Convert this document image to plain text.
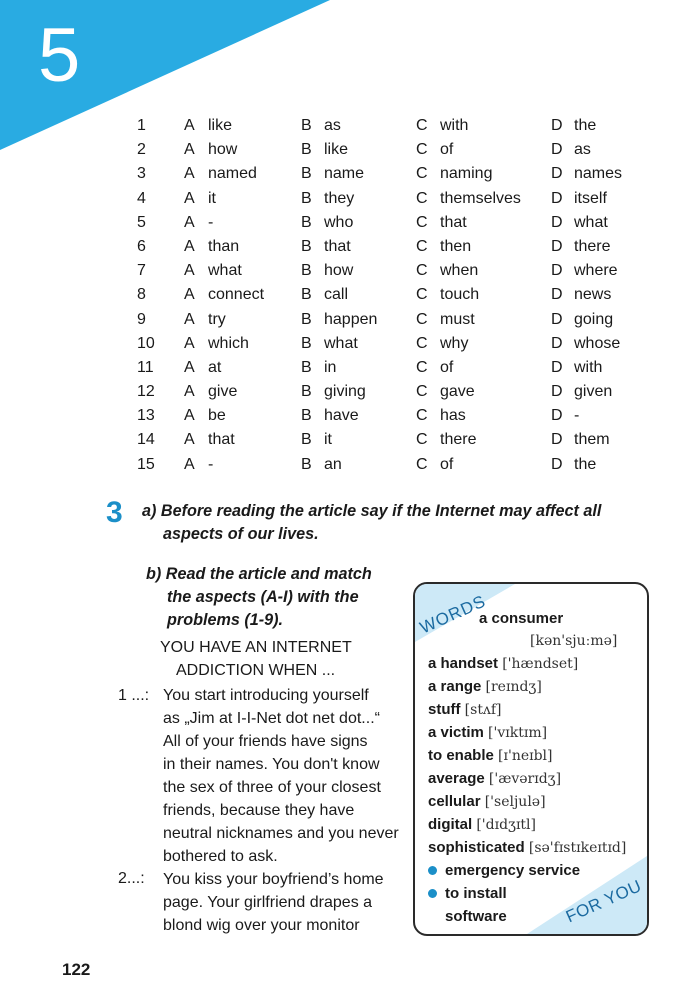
5
1 A like	B as	C with	D the
2 A how	B like	C of	D as
3 A named	B name	C naming	D names
4 A it	B they	C themselves D itself
5 A -	B who	C that	D what
6 A than	B that	C then	D there
7 A what	B how	C when	D where
8 A connect B call	C touch	D news
9 A try	B happen C must	D going
10 A which	B what	C why	D whose
11 A at	B in	C of	D with
12 A give	B giving	C gave	D given
13 A be	B have	C has	D -
14 A that	B it	C there	D them
15 A -	B an	C of	D the
3 a) Before reading the article say if the Internet may affect all
aspects of our lives.
b) Read the article and match
the aspects (A-I) with the
problems (1-9).
YOU HAVE AN INTERNET
ADDICTION WHEN ...
1 ...: You start introducing yourself
as „Jim at I-I-Net dot net dot...“
All of your friends have signs
in their names. You don't know
the sex of three of your closest
friends, because they have
neutral nicknames and you never
bothered to ask.
2...: You kiss your boyfriend’s home
page. Your girlfriend drapes a
blond wig over your monitor
WORDS
FOR YOU
a consumer
[kən'sjuːmə]
a handset ['hændset]
a range [reɪndʒ]
stuff [stʌf]
a victim ['vɪktɪm]
to enable [ɪ'neɪbl]
average ['ævərɪdʒ]
cellular ['seljulə]
digital ['dɪdʒɪtl]
sophisticated [sə'fɪstɪkeɪtɪd]
emergency service
to install
software
122
